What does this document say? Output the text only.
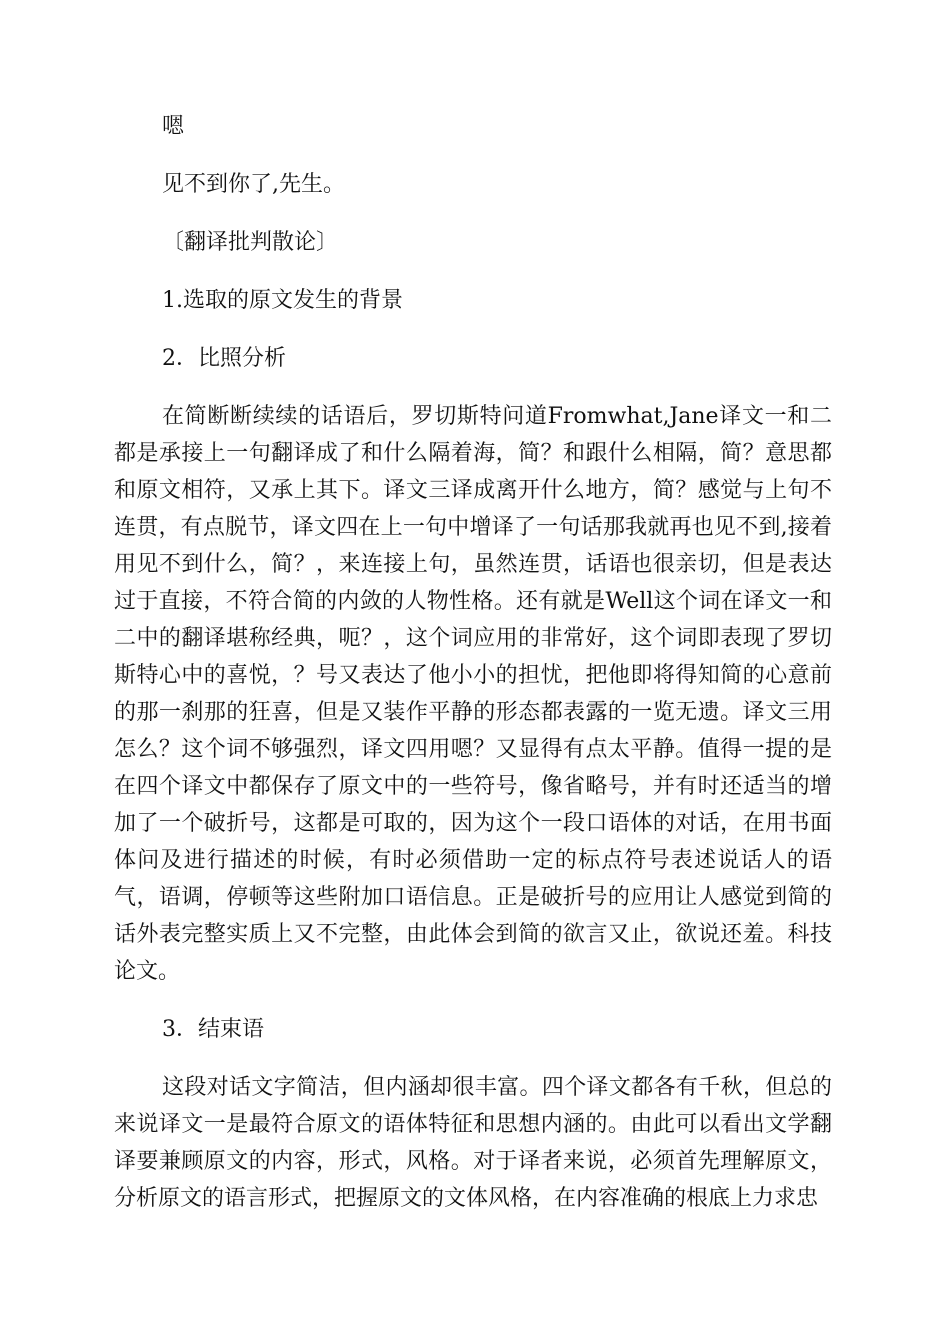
嗯

见不到你了,先生。

〔翻译批判散论〕

1.选取的原文发生的背景

2．比照分析

在简断断续续的话语后，罗切斯特问道Fromwhat,Jane译文一和二都是承接上一句翻译成了和什么隔着海，简？和跟什么相隔，简？意思都和原文相符，又承上其下。译文三译成离开什么地方，简？感觉与上句不连贯，有点脱节，译文四在上一句中增译了一句话那我就再也见不到,接着用见不到什么，简？，来连接上句，虽然连贯，话语也很亲切，但是表达过于直接，不符合简的内敛的人物性格。还有就是Well这个词在译文一和二中的翻译堪称经典，呃？，这个词应用的非常好，这个词即表现了罗切斯特心中的喜悦，？号又表达了他小小的担忧，把他即将得知简的心意前的那一刹那的狂喜，但是又装作平静的形态都表露的一览无遗。译文三用怎么？这个词不够强烈，译文四用嗯？又显得有点太平静。值得一提的是在四个译文中都保存了原文中的一些符号，像省略号，并有时还适当的增加了一个破折号，这都是可取的，因为这个一段口语体的对话，在用书面体问及进行描述的时候，有时必须借助一定的标点符号表述说话人的语气，语调，停顿等这些附加口语信息。正是破折号的应用让人感觉到简的话外表完整实质上又不完整，由此体会到简的欲言又止，欲说还羞。科技论文。

3．结束语

这段对话文字简洁，但内涵却很丰富。四个译文都各有千秋，但总的来说译文一是最符合原文的语体特征和思想内涵的。由此可以看出文学翻译要兼顾原文的内容，形式，风格。对于译者来说，必须首先理解原文，分析原文的语言形式，把握原文的文体风格，在内容准确的根底上力求忠
